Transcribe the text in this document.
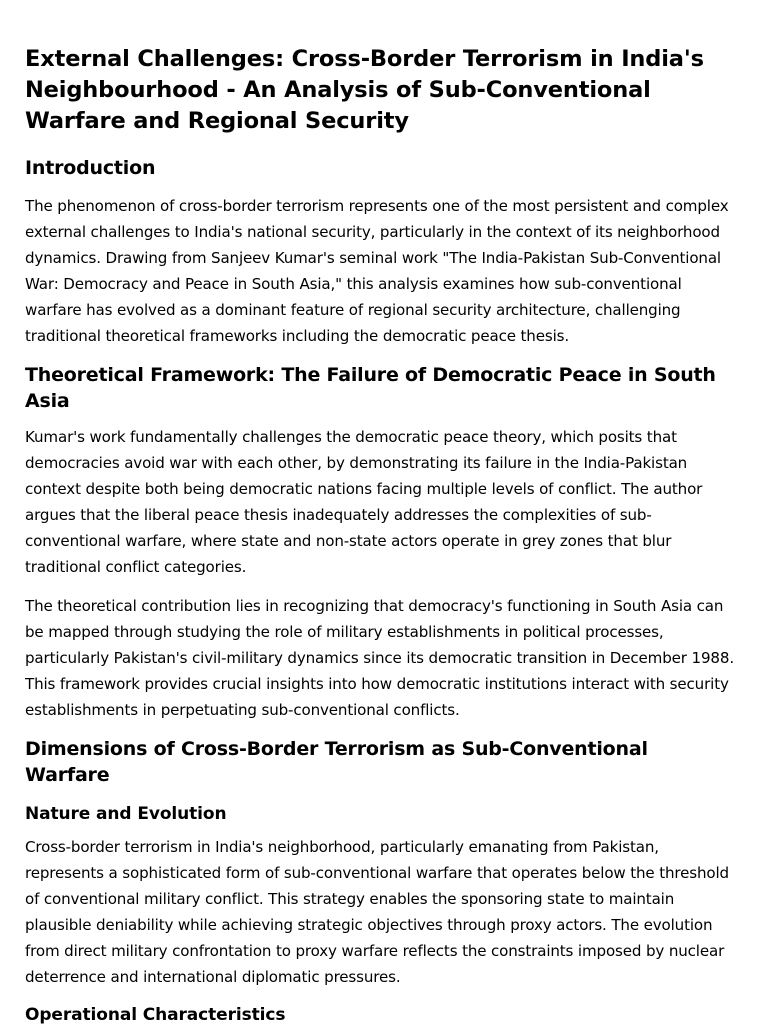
External Challenges: Cross-Border Terrorism in India's Neighbourhood - An Analysis of Sub-Conventional Warfare and Regional Security
Introduction

The phenomenon of cross-border terrorism represents one of the most persistent and complex external challenges to India's national security, particularly in the context of its neighborhood dynamics. Drawing from Sanjeev Kumar's seminal work "The India-Pakistan Sub-Conventional War: Democracy and Peace in South Asia," this analysis examines how sub-conventional warfare has evolved as a dominant feature of regional security architecture, challenging traditional theoretical frameworks including the democratic peace thesis.

Theoretical Framework: The Failure of Democratic Peace in South Asia

Kumar's work fundamentally challenges the democratic peace theory, which posits that democracies avoid war with each other, by demonstrating its failure in the India-Pakistan context despite both being democratic nations facing multiple levels of conflict. The author argues that the liberal peace thesis inadequately addresses the complexities of sub-conventional warfare, where state and non-state actors operate in grey zones that blur traditional conflict categories.

The theoretical contribution lies in recognizing that democracy's functioning in South Asia can be mapped through studying the role of military establishments in political processes, particularly Pakistan's civil-military dynamics since its democratic transition in December 1988. This framework provides crucial insights into how democratic institutions interact with security establishments in perpetuating sub-conventional conflicts.

Dimensions of Cross-Border Terrorism as Sub-Conventional Warfare
Nature and Evolution

Cross-border terrorism in India's neighborhood, particularly emanating from Pakistan, represents a sophisticated form of sub-conventional warfare that operates below the threshold of conventional military conflict. This strategy enables the sponsoring state to maintain plausible deniability while achieving strategic objectives through proxy actors. The evolution from direct military confrontation to proxy warfare reflects the constraints imposed by nuclear deterrence and international diplomatic pressures.

Operational Characteristics
